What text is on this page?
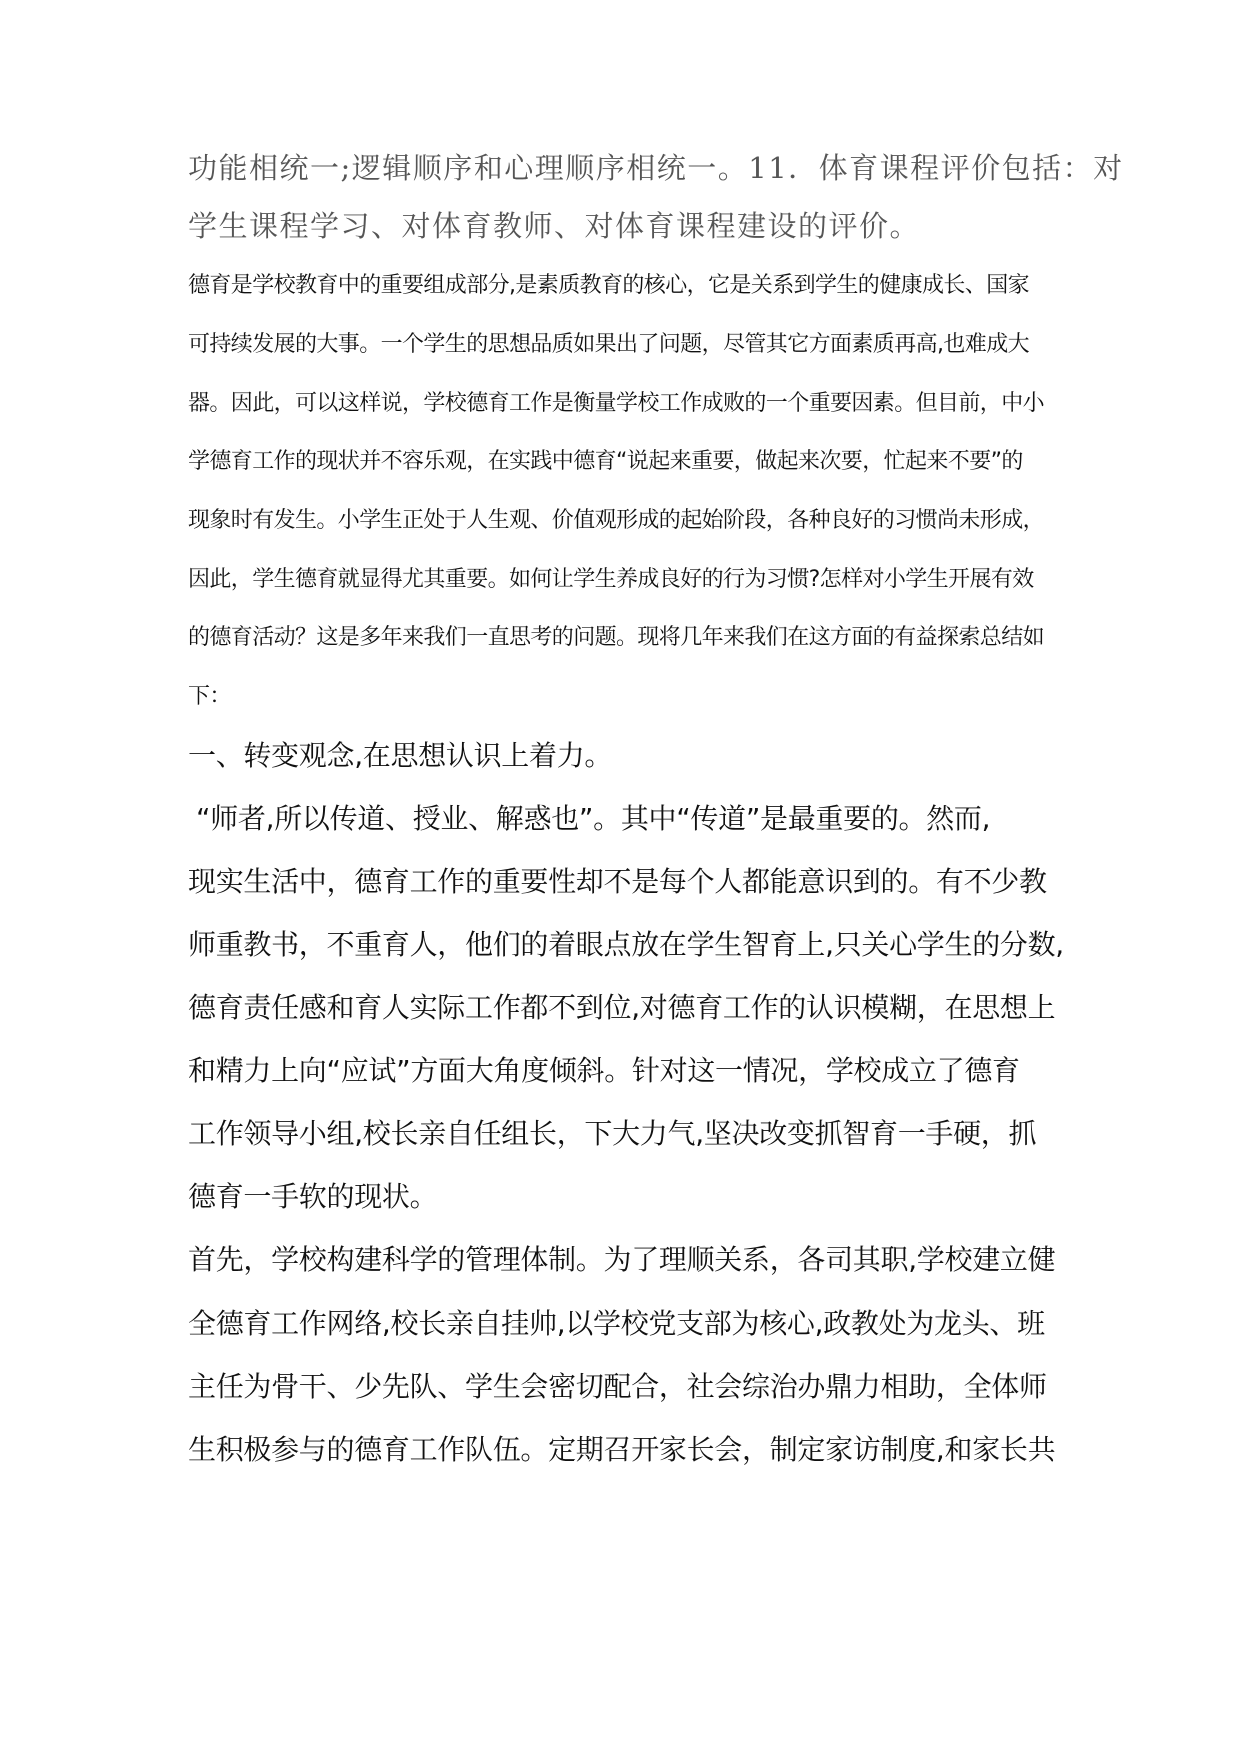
功能相统一;逻辑顺序和心理顺序相统一。11．体育课程评价包括：对
学生课程学习、对体育教师、对体育课程建设的评价。
德育是学校教育中的重要组成部分,是素质教育的核心，它是关系到学生的健康成长、国家
可持续发展的大事。一个学生的思想品质如果出了问题，尽管其它方面素质再高,也难成大
器。因此，可以这样说，学校德育工作是衡量学校工作成败的一个重要因素。但目前，中小
学德育工作的现状并不容乐观，在实践中德育“说起来重要，做起来次要，忙起来不要”的
现象时有发生。小学生正处于人生观、价值观形成的起始阶段，各种良好的习惯尚未形成，
因此，学生德育就显得尤其重要。如何让学生养成良好的行为习惯?怎样对小学生开展有效
的德育活动？这是多年来我们一直思考的问题。现将几年来我们在这方面的有益探索总结如
下：
一、转变观念,在思想认识上着力。
“师者,所以传道、授业、解惑也”。其中“传道”是最重要的。然而,
现实生活中，德育工作的重要性却不是每个人都能意识到的。有不少教
师重教书，不重育人，他们的着眼点放在学生智育上,只关心学生的分数,
德育责任感和育人实际工作都不到位,对德育工作的认识模糊，在思想上
和精力上向“应试”方面大角度倾斜。针对这一情况，学校成立了德育
工作领导小组,校长亲自任组长，下大力气,坚决改变抓智育一手硬，抓
德育一手软的现状。
首先，学校构建科学的管理体制。为了理顺关系，各司其职,学校建立健
全德育工作网络,校长亲自挂帅,以学校党支部为核心,政教处为龙头、班
主任为骨干、少先队、学生会密切配合，社会综治办鼎力相助，全体师
生积极参与的德育工作队伍。定期召开家长会，制定家访制度,和家长共
